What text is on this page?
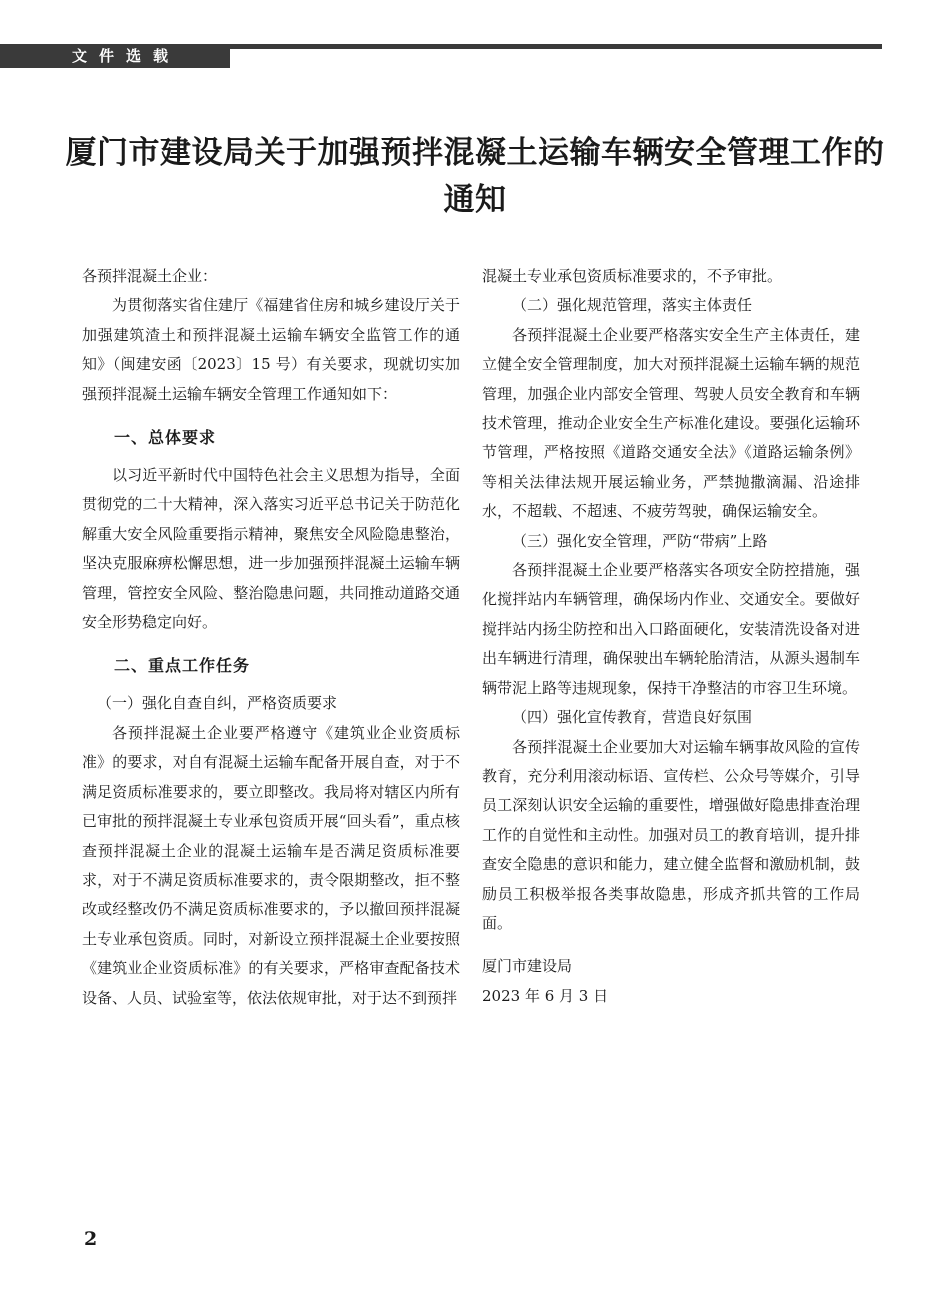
文件选载
厦门市建设局关于加强预拌混凝土运输车辆安全管理工作的通知

各预拌混凝土企业：

为贯彻落实省住建厅《福建省住房和城乡建设厅关于加强建筑渣土和预拌混凝土运输车辆安全监管工作的通知》（闽建安函〔2023〕15 号）有关要求，现就切实加强预拌混凝土运输车辆安全管理工作通知如下：

一、总体要求

以习近平新时代中国特色社会主义思想为指导，全面贯彻党的二十大精神，深入落实习近平总书记关于防范化解重大安全风险重要指示精神，聚焦安全风险隐患整治，坚决克服麻痹松懈思想，进一步加强预拌混凝土运输车辆管理，管控安全风险、整治隐患问题，共同推动道路交通安全形势稳定向好。

二、重点工作任务

（一）强化自查自纠，严格资质要求

各预拌混凝土企业要严格遵守《建筑业企业资质标准》的要求，对自有混凝土运输车配备开展自查，对于不满足资质标准要求的，要立即整改。我局将对辖区内所有已审批的预拌混凝土专业承包资质开展“回头看”，重点核查预拌混凝土企业的混凝土运输车是否满足资质标准要求，对于不满足资质标准要求的，责令限期整改，拒不整改或经整改仍不满足资质标准要求的，予以撤回预拌混凝土专业承包资质。同时，对新设立预拌混凝土企业要按照《建筑业企业资质标准》的有关要求，严格审查配备技术设备、人员、试验室等，依法依规审批，对于达不到预拌

混凝土专业承包资质标准要求的，不予审批。

（二）强化规范管理，落实主体责任

各预拌混凝土企业要严格落实安全生产主体责任，建立健全安全管理制度，加大对预拌混凝土运输车辆的规范管理，加强企业内部安全管理、驾驶人员安全教育和车辆技术管理，推动企业安全生产标准化建设。要强化运输环节管理，严格按照《道路交通安全法》《道路运输条例》等相关法律法规开展运输业务，严禁抛撒滴漏、沿途排水，不超载、不超速、不疲劳驾驶，确保运输安全。

（三）强化安全管理，严防“带病”上路

各预拌混凝土企业要严格落实各项安全防控措施，强化搅拌站内车辆管理，确保场内作业、交通安全。要做好搅拌站内扬尘防控和出入口路面硬化，安装清洗设备对进出车辆进行清理，确保驶出车辆轮胎清洁，从源头遏制车辆带泥上路等违规现象，保持干净整洁的市容卫生环境。

（四）强化宣传教育，营造良好氛围

各预拌混凝土企业要加大对运输车辆事故风险的宣传教育，充分利用滚动标语、宣传栏、公众号等媒介，引导员工深刻认识安全运输的重要性，增强做好隐患排查治理工作的自觉性和主动性。加强对员工的教育培训，提升排查安全隐患的意识和能力，建立健全监督和激励机制，鼓励员工积极举报各类事故隐患，形成齐抓共管的工作局面。

厦门市建设局

2023 年 6 月 3 日

2
